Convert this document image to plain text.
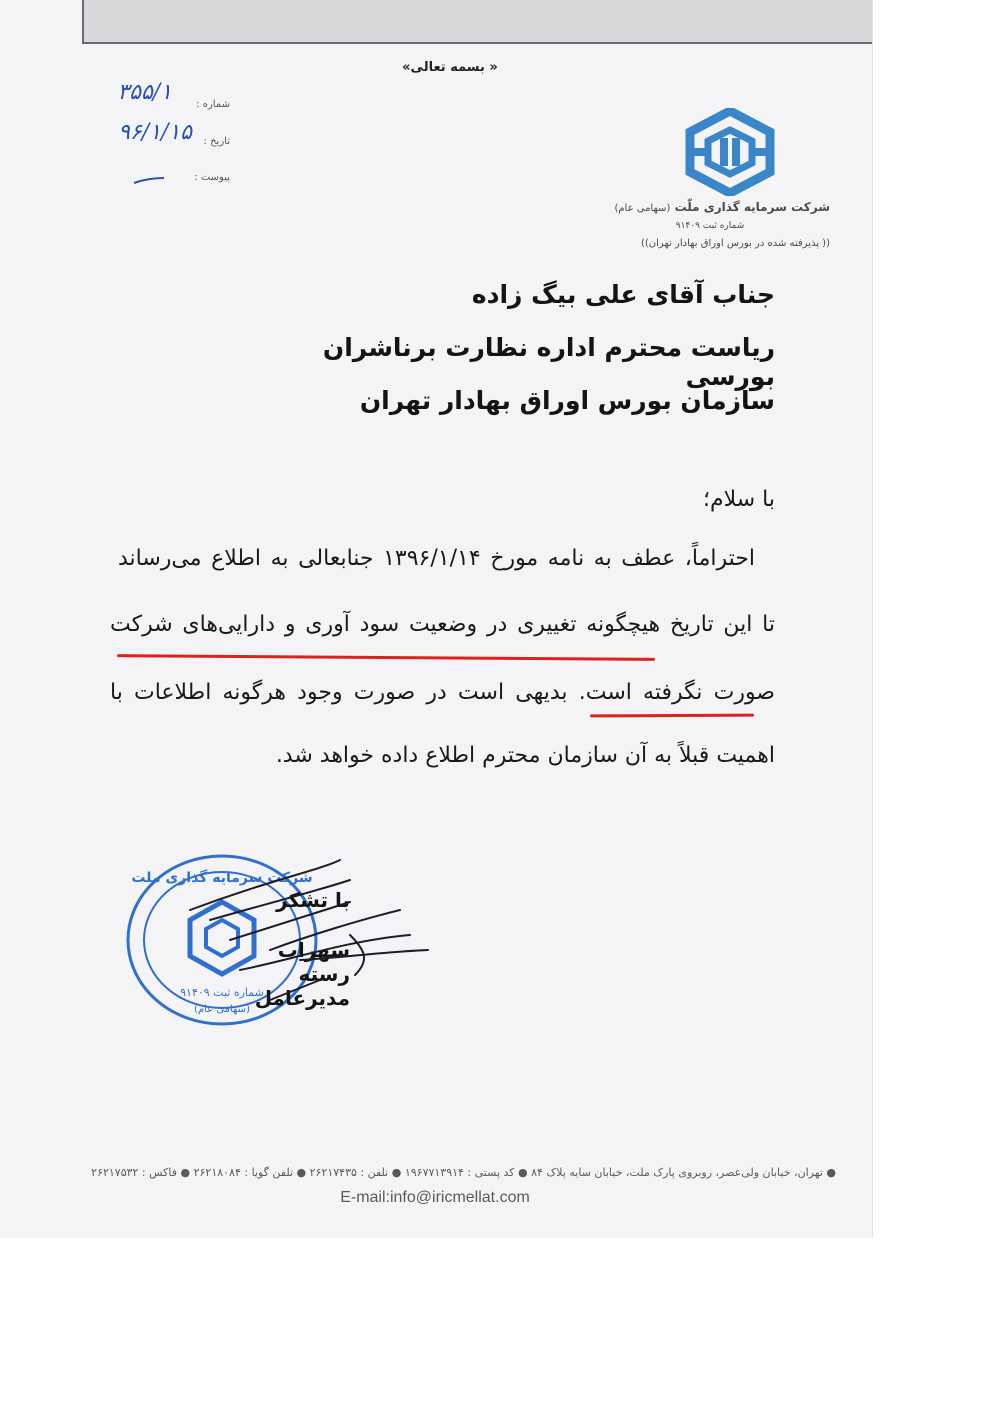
« بسمه تعالی»
شماره :
تاریخ :
پیوست :
۳۵۵/۱
۹۶/۱/۱۵
شرکت سرمایه گذاری ملّت (سهامی عام)
شماره ثبت ۹۱۴۰۹
(( پذیرفته شده در بورس اوراق بهادار تهران))
جناب آقای علی بیگ زاده
ریاست محترم اداره نظارت برناشران بورسی
سازمان بورس اوراق بهادار تهران
با سلام؛
احتراماً، عطف به نامه مورخ ۱۳۹۶/۱/۱۴ جنابعالی به اطلاع می‌رساند
تا این تاریخ هیچگونه تغییری در وضعیت سود آوری و دارایی‌های شرکت
صورت نگرفته است. بدیهی است در صورت وجود هرگونه اطلاعات با
اهمیت قبلاً به آن سازمان محترم اطلاع داده خواهد شد.
شرکت سرمایه گذاری ملت
شماره ثبت ۹۱۴۰۹
(سهامی عام)
با تشکر
سهراب رسته
مدیرعامل
● تهران، خیابان ولی‌عصر، روبروی پارک ملت، خیابان سایه پلاک ۸۴ ● کد پستی : ۱۹۶۷۷۱۳۹۱۴ ● تلفن : ۲۶۲۱۷۴۳۵ ● تلفن گویا : ۲۶۲۱۸۰۸۴ ● فاکس : ۲۶۲۱۷۵۳۲
E-mail:info@iricmellat.com
